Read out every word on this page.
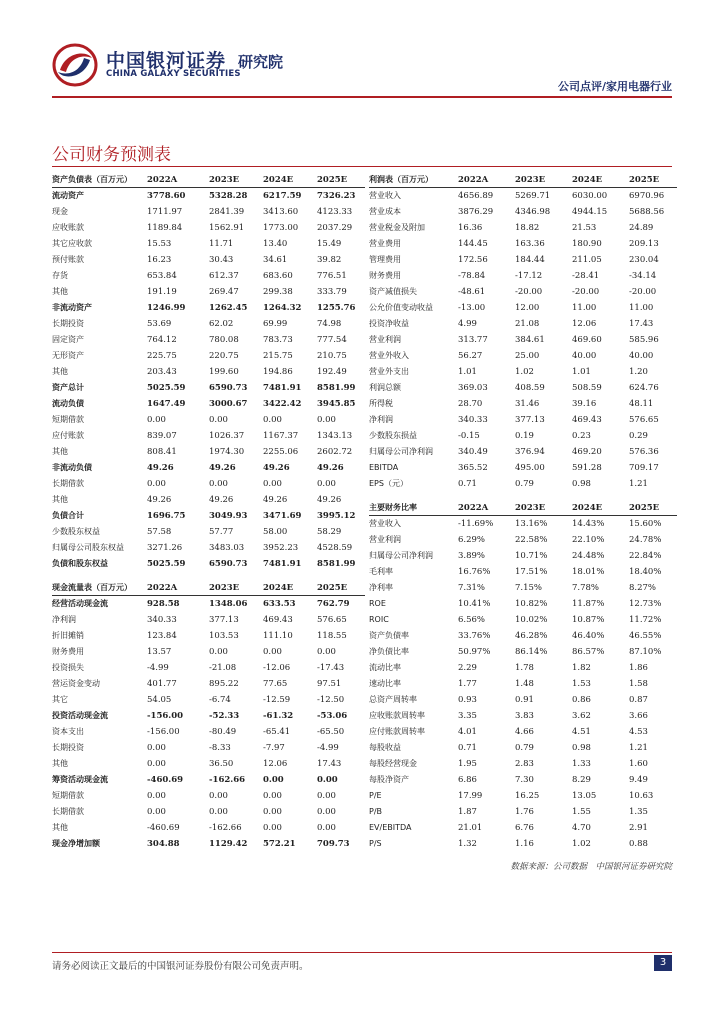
中国银河证券 研究院
CHINA GALAXY SECURITIES
公司点评/家用电器行业
公司财务预测表
资产负债表（百万元）	2022A	2023E	2024E	2025E
流动资产	3778.60	5328.28	6217.59	7326.23
现金	1711.97	2841.39	3413.60	4123.33
应收账款	1189.84	1562.91	1773.00	2037.29
其它应收款	15.53	11.71	13.40	15.49
预付账款	16.23	30.43	34.61	39.82
存货	653.84	612.37	683.60	776.51
其他	191.19	269.47	299.38	333.79
非流动资产	1246.99	1262.45	1264.32	1255.76
长期投资	53.69	62.02	69.99	74.98
固定资产	764.12	780.08	783.73	777.54
无形资产	225.75	220.75	215.75	210.75
其他	203.43	199.60	194.86	192.49
资产总计	5025.59	6590.73	7481.91	8581.99
流动负债	1647.49	3000.67	3422.42	3945.85
短期借款	0.00	0.00	0.00	0.00
应付账款	839.07	1026.37	1167.37	1343.13
其他	808.41	1974.30	2255.06	2602.72
非流动负债	49.26	49.26	49.26	49.26
长期借款	0.00	0.00	0.00	0.00
其他	49.26	49.26	49.26	49.26
负债合计	1696.75	3049.93	3471.69	3995.12
少数股东权益	57.58	57.77	58.00	58.29
归属母公司股东权益	3271.26	3483.03	3952.23	4528.59
负债和股东权益	5025.59	6590.73	7481.91	8581.99
现金流量表（百万元）	2022A	2023E	2024E	2025E
经营活动现金流	928.58	1348.06	633.53	762.79
净利润	340.33	377.13	469.43	576.65
折旧摊销	123.84	103.53	111.10	118.55
财务费用	13.57	0.00	0.00	0.00
投资损失	-4.99	-21.08	-12.06	-17.43
营运资金变动	401.77	895.22	77.65	97.51
其它	54.05	-6.74	-12.59	-12.50
投资活动现金流	-156.00	-52.33	-61.32	-53.06
资本支出	-156.00	-80.49	-65.41	-65.50
长期投资	0.00	-8.33	-7.97	-4.99
其他	0.00	36.50	12.06	17.43
筹资活动现金流	-460.69	-162.66	0.00	0.00
短期借款	0.00	0.00	0.00	0.00
长期借款	0.00	0.00	0.00	0.00
其他	-460.69	-162.66	0.00	0.00
现金净增加额	304.88	1129.42	572.21	709.73
利润表（百万元）	2022A	2023E	2024E	2025E
营业收入	4656.89	5269.71	6030.00	6970.96
营业成本	3876.29	4346.98	4944.15	5688.56
营业税金及附加	16.36	18.82	21.53	24.89
营业费用	144.45	163.36	180.90	209.13
管理费用	172.56	184.44	211.05	230.04
财务费用	-78.84	-17.12	-28.41	-34.14
资产减值损失	-48.61	-20.00	-20.00	-20.00
公允价值变动收益	-13.00	12.00	11.00	11.00
投资净收益	4.99	21.08	12.06	17.43
营业利润	313.77	384.61	469.60	585.96
营业外收入	56.27	25.00	40.00	40.00
营业外支出	1.01	1.02	1.01	1.20
利润总额	369.03	408.59	508.59	624.76
所得税	28.70	31.46	39.16	48.11
净利润	340.33	377.13	469.43	576.65
少数股东损益	-0.15	0.19	0.23	0.29
归属母公司净利润	340.49	376.94	469.20	576.36
EBITDA	365.52	495.00	591.28	709.17
EPS（元）	0.71	0.79	0.98	1.21
主要财务比率	2022A	2023E	2024E	2025E
营业收入	-11.69%	13.16%	14.43%	15.60%
营业利润	6.29%	22.58%	22.10%	24.78%
归属母公司净利润	3.89%	10.71%	24.48%	22.84%
毛利率	16.76%	17.51%	18.01%	18.40%
净利率	7.31%	7.15%	7.78%	8.27%
ROE	10.41%	10.82%	11.87%	12.73%
ROIC	6.56%	10.02%	10.87%	11.72%
资产负债率	33.76%	46.28%	46.40%	46.55%
净负债比率	50.97%	86.14%	86.57%	87.10%
流动比率	2.29	1.78	1.82	1.86
速动比率	1.77	1.48	1.53	1.58
总资产周转率	0.93	0.91	0.86	0.87
应收账款周转率	3.35	3.83	3.62	3.66
应付账款周转率	4.01	4.66	4.51	4.53
每股收益	0.71	0.79	0.98	1.21
每股经营现金	1.95	2.83	1.33	1.60
每股净资产	6.86	7.30	8.29	9.49
P/E	17.99	16.25	13.05	10.63
P/B	1.87	1.76	1.55	1.35
EV/EBITDA	21.01	6.76	4.70	2.91
P/S	1.32	1.16	1.02	0.88
数据来源：公司数据　中国银河证券研究院
请务必阅读正文最后的中国银河证券股份有限公司免责声明。	3
